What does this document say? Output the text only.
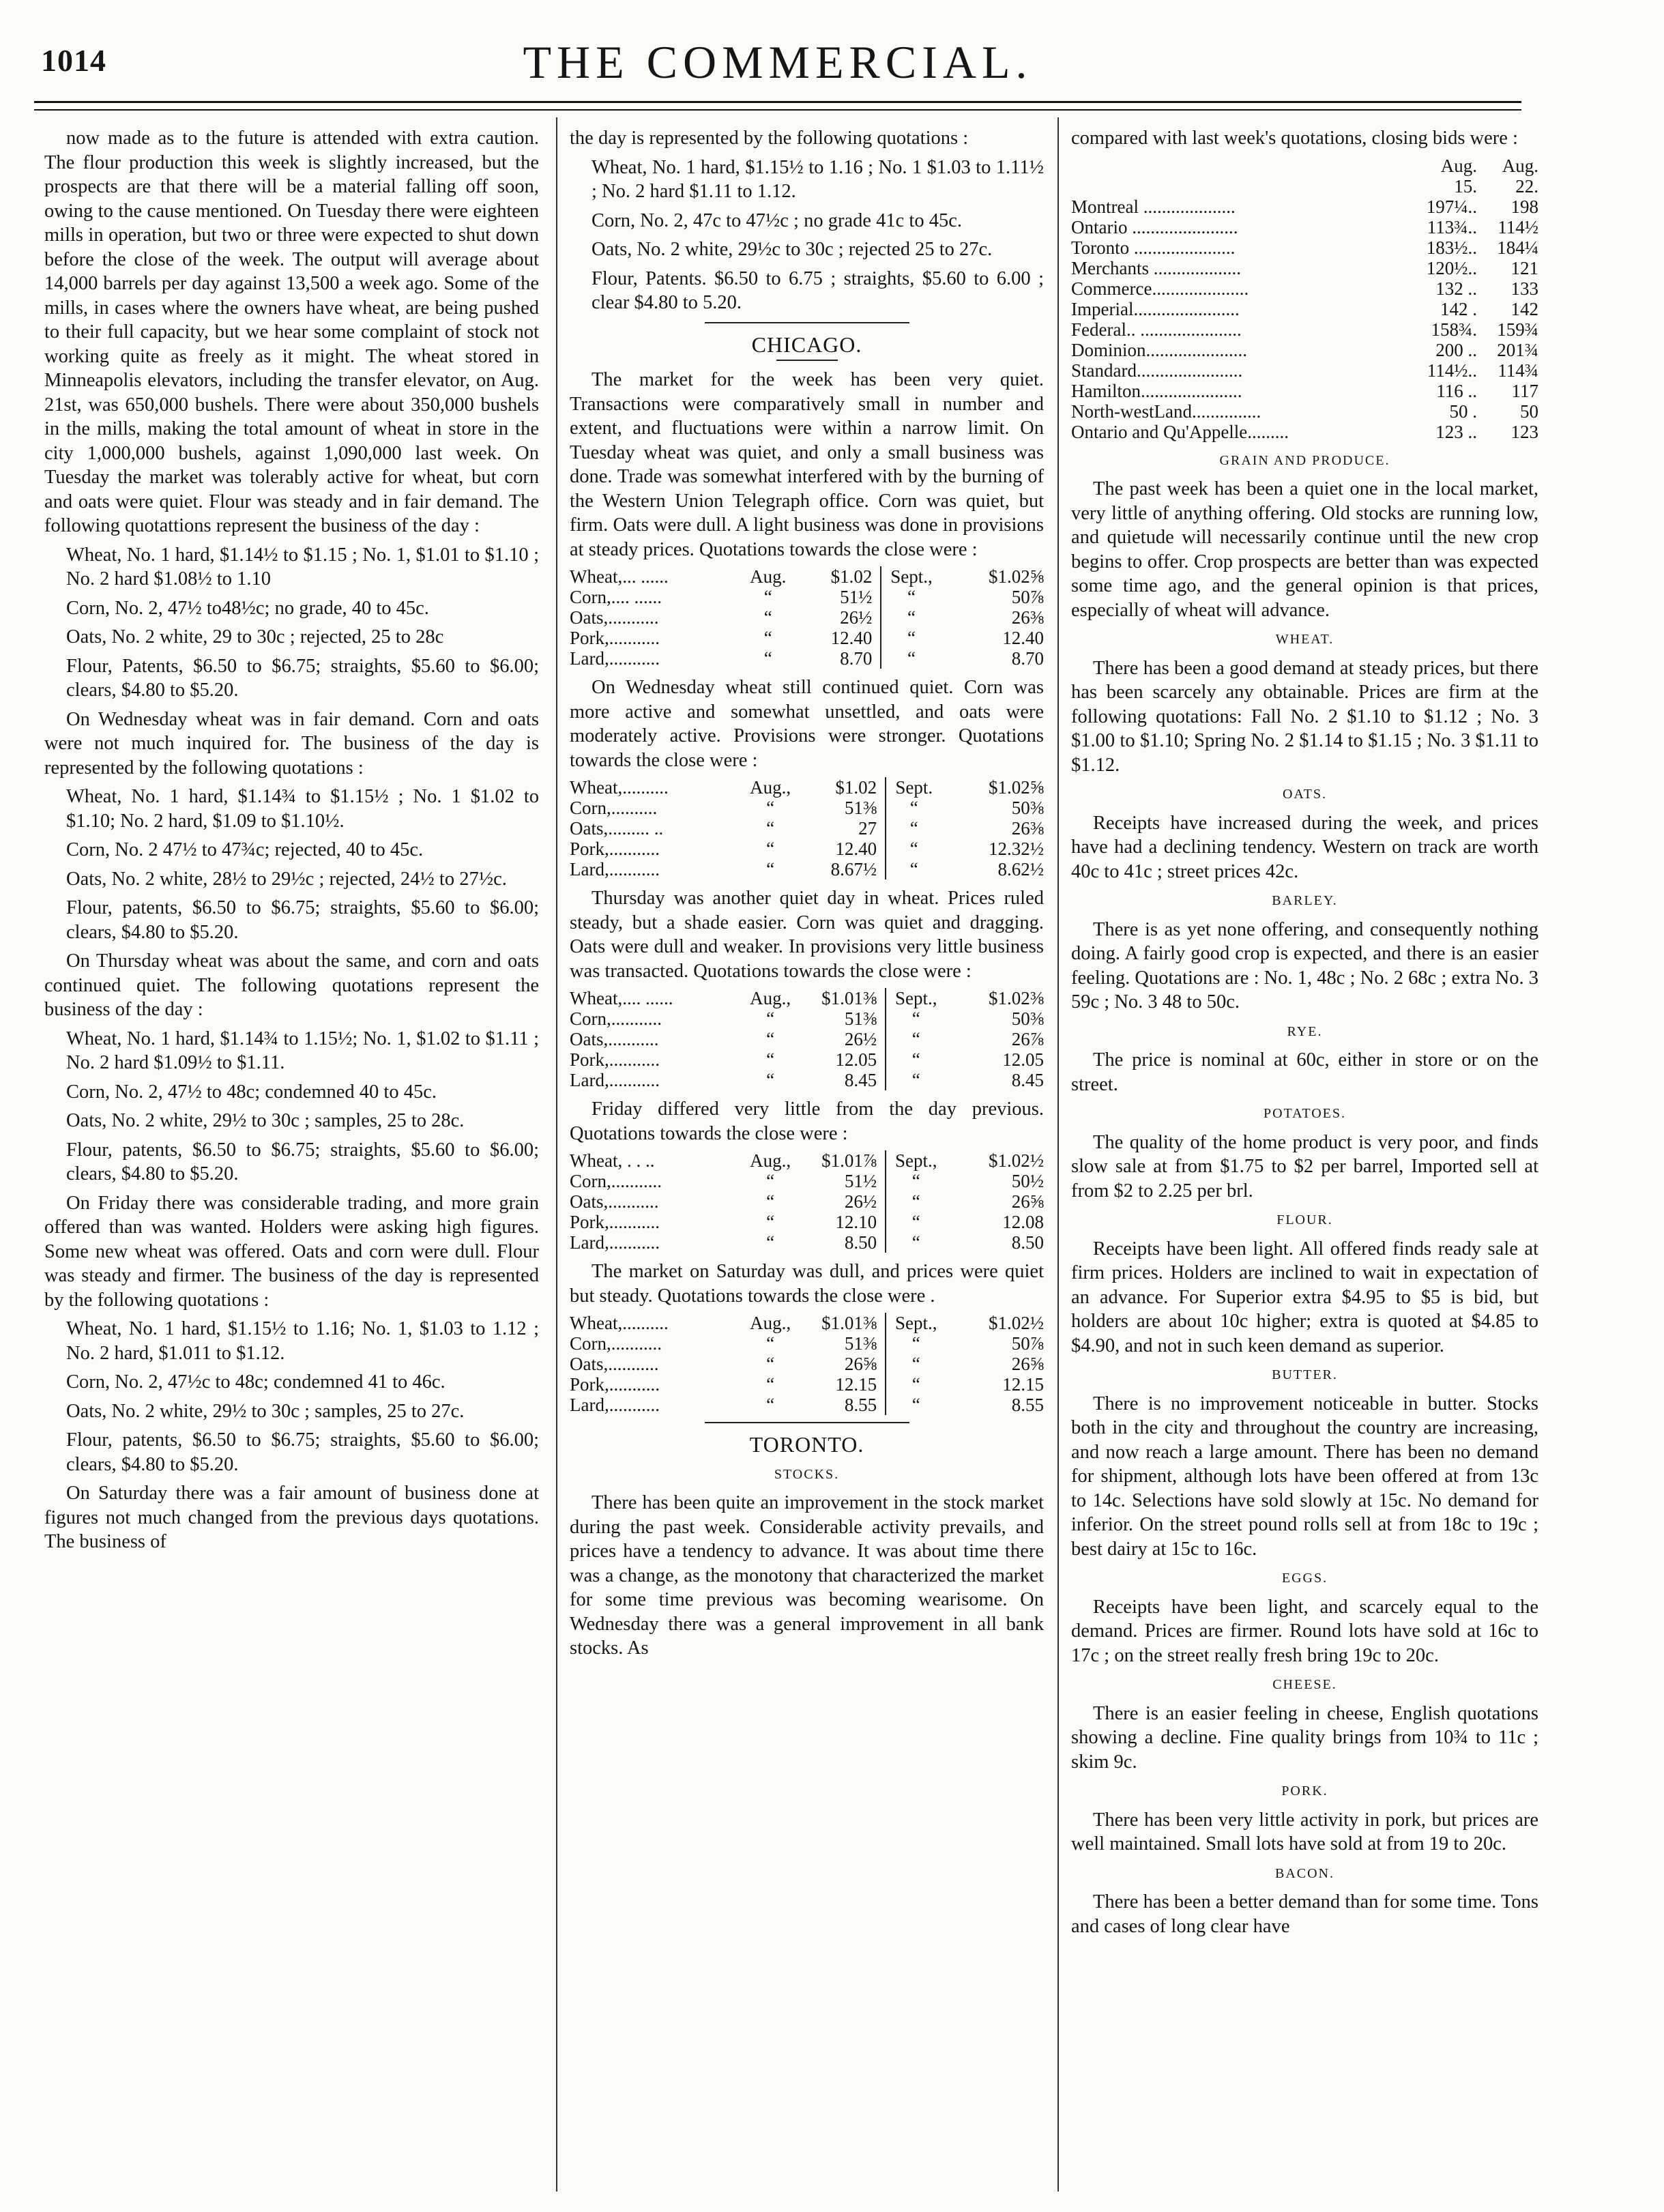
1014	THE COMMERCIAL.

now made as to the future is attended with extra caution. The flour production this week is slightly increased, but the prospects are that there will be a material falling off soon, owing to the cause mentioned. On Tuesday there were eighteen mills in operation, but two or three were expected to shut down before the close of the week. The output will average about 14,000 barrels per day against 13,500 a week ago. Some of the mills, in cases where the owners have wheat, are being pushed to their full capacity, but we hear some complaint of stock not working quite as freely as it might. The wheat stored in Minneapolis elevators, including the transfer elevator, on Aug. 21st, was 650,000 bushels. There were about 350,000 bushels in the mills, making the total amount of wheat in store in the city 1,000,000 bushels, against 1,090,000 last week. On Tuesday the market was tolerably active for wheat, but corn and oats were quiet. Flour was steady and in fair demand. The following quotattions represent the business of the day :

Wheat, No. 1 hard, $1.14½ to $1.15 ; No. 1, $1.01 to $1.10 ; No. 2 hard $1.08½ to 1.10

Corn, No. 2, 47½ to48½c; no grade, 40 to 45c.

Oats, No. 2 white, 29 to 30c ; rejected, 25 to 28c

Flour, Patents, $6.50 to $6.75; straights, $5.60 to $6.00; clears, $4.80 to $5.20.

On Wednesday wheat was in fair demand. Corn and oats were not much inquired for. The business of the day is represented by the following quotations :

Wheat, No. 1 hard, $1.14¾ to $1.15½ ; No. 1 $1.02 to $1.10; No. 2 hard, $1.09 to $1.10½.

Corn, No. 2 47½ to 47¾c; rejected, 40 to 45c.

Oats, No. 2 white, 28½ to 29½c ; rejected, 24½ to 27½c.

Flour, patents, $6.50 to $6.75; straights, $5.60 to $6.00; clears, $4.80 to $5.20.

On Thursday wheat was about the same, and corn and oats continued quiet. The following quotations represent the business of the day :

Wheat, No. 1 hard, $1.14¾ to 1.15½; No. 1, $1.02 to $1.11 ; No. 2 hard $1.09½ to $1.11.

Corn, No. 2, 47½ to 48c; condemned 40 to 45c.

Oats, No. 2 white, 29½ to 30c ; samples, 25 to 28c.

Flour, patents, $6.50 to $6.75; straights, $5.60 to $6.00; clears, $4.80 to $5.20.

On Friday there was considerable trading, and more grain offered than was wanted. Holders were asking high figures. Some new wheat was offered. Oats and corn were dull. Flour was steady and firmer. The business of the day is represented by the following quotations :

Wheat, No. 1 hard, $1.15½ to 1.16; No. 1, $1.03 to 1.12 ; No. 2 hard, $1.011 to $1.12.

Corn, No. 2, 47½c to 48c; condemned 41 to 46c.

Oats, No. 2 white, 29½ to 30c ; samples, 25 to 27c.

Flour, patents, $6.50 to $6.75; straights, $5.60 to $6.00; clears, $4.80 to $5.20.

On Saturday there was a fair amount of business done at figures not much changed from the previous days quotations. The business of

the day is represented by the following quotations :

Wheat, No. 1 hard, $1.15½ to 1.16 ; No. 1 $1.03 to 1.11½ ; No. 2 hard $1.11 to 1.12.

Corn, No. 2, 47c to 47½c ; no grade 41c to 45c.

Oats, No. 2 white, 29½c to 30c ; rejected 25 to 27c.

Flour, Patents. $6.50 to 6.75 ; straights, $5.60 to 6.00 ; clear $4.80 to 5.20.

CHICAGO.

The market for the week has been very quiet. Transactions were comparatively small in number and extent, and fluctuations were within a narrow limit. On Tuesday wheat was quiet, and only a small business was done. Trade was somewhat interfered with by the burning of the Western Union Telegraph office. Corn was quiet, but firm. Oats were dull. A light business was done in provisions at steady prices. Quotations towards the close were :

Wheat,... ......	Aug.	$1.02		Sept.,	$1.02⅝
Corn,.... ......	“	51½		“	50⅞
Oats,...........	“	26½		“	26⅜
Pork,...........	“	12.40		“	12.40
Lard,...........	“	8.70		“	8.70

On Wednesday wheat still continued quiet. Corn was more active and somewhat unsettled, and oats were moderately active. Provisions were stronger. Quotations towards the close were :

Wheat,..........	Aug.,	$1.02		Sept.	$1.02⅝
Corn,..........	“	51⅜		“	50⅜
Oats,......... ..	“	27		“	26⅜
Pork,...........	“	12.40		“	12.32½
Lard,...........	“	8.67½		“	8.62½

Thursday was another quiet day in wheat. Prices ruled steady, but a shade easier. Corn was quiet and dragging. Oats were dull and weaker. In provisions very little business was transacted. Quotations towards the close were :

Wheat,.... ......	Aug.,	$1.01⅜		Sept.,	$1.02⅜
Corn,...........	“	51⅜		“	50⅜
Oats,...........	“	26½		“	26⅞
Pork,...........	“	12.05		“	12.05
Lard,...........	“	8.45		“	8.45

Friday differed very little from the day previous. Quotations towards the close were :

Wheat, . . ..	Aug.,	$1.01⅞		Sept.,	$1.02½
Corn,...........	“	51½		“	50½
Oats,...........	“	26½		“	26⅝
Pork,...........	“	12.10		“	12.08
Lard,...........	“	8.50		“	8.50

The market on Saturday was dull, and prices were quiet but steady. Quotations towards the close were .

Wheat,..........	Aug.,	$1.01⅜		Sept.,	$1.02½
Corn,...........	“	51⅜		“	50⅞
Oats,...........	“	26⅝		“	26⅝
Pork,...........	“	12.15		“	12.15
Lard,...........	“	8.55		“	8.55
TORONTO.
STOCKS.

There has been quite an improvement in the stock market during the past week. Considerable activity prevails, and prices have a tendency to advance. It was about time there was a change, as the monotony that characterized the market for some time previous was becoming wearisome. On Wednesday there was a general improvement in all bank stocks. As

compared with last week's quotations, closing bids were :

	Aug. 15.	Aug. 22.
Montreal ....................	197¼..	198
Ontario .......................	113¾..	114½
Toronto ......................	183½..	184¼
Merchants ...................	120½..	121
Commerce.....................	132 ..	133
Imperial.......................	142 .	142
Federal.. ......................	158¾.	159¾
Dominion......................	200 ..	201¾
Standard.......................	114½..	114¾
Hamilton......................	116 ..	117
North-westLand...............	50 .	50
Ontario and Qu'Appelle.........	123 ..	123
GRAIN AND PRODUCE.

The past week has been a quiet one in the local market, very little of anything offering. Old stocks are running low, and quietude will necessarily continue until the new crop begins to offer. Crop prospects are better than was expected some time ago, and the general opinion is that prices, especially of wheat will advance.

WHEAT.

There has been a good demand at steady prices, but there has been scarcely any obtainable. Prices are firm at the following quotations: Fall No. 2 $1.10 to $1.12 ; No. 3 $1.00 to $1.10; Spring No. 2 $1.14 to $1.15 ; No. 3 $1.11 to $1.12.

OATS.

Receipts have increased during the week, and prices have had a declining tendency. Western on track are worth 40c to 41c ; street prices 42c.

BARLEY.

There is as yet none offering, and consequently nothing doing. A fairly good crop is expected, and there is an easier feeling. Quotations are : No. 1, 48c ; No. 2 68c ; extra No. 3 59c ; No. 3 48 to 50c.

RYE.

The price is nominal at 60c, either in store or on the street.

POTATOES.

The quality of the home product is very poor, and finds slow sale at from $1.75 to $2 per barrel, Imported sell at from $2 to 2.25 per brl.

FLOUR.

Receipts have been light. All offered finds ready sale at firm prices. Holders are inclined to wait in expectation of an advance. For Superior extra $4.95 to $5 is bid, but holders are about 10c higher; extra is quoted at $4.85 to $4.90, and not in such keen demand as superior.

BUTTER.

There is no improvement noticeable in butter. Stocks both in the city and throughout the country are increasing, and now reach a large amount. There has been no demand for shipment, although lots have been offered at from 13c to 14c. Selections have sold slowly at 15c. No demand for inferior. On the street pound rolls sell at from 18c to 19c ; best dairy at 15c to 16c.

EGGS.

Receipts have been light, and scarcely equal to the demand. Prices are firmer. Round lots have sold at 16c to 17c ; on the street really fresh bring 19c to 20c.

CHEESE.

There is an easier feeling in cheese, English quotations showing a decline. Fine quality brings from 10¾ to 11c ; skim 9c.

PORK.

There has been very little activity in pork, but prices are well maintained. Small lots have sold at from 19 to 20c.

BACON.

There has been a better demand than for some time. Tons and cases of long clear have
